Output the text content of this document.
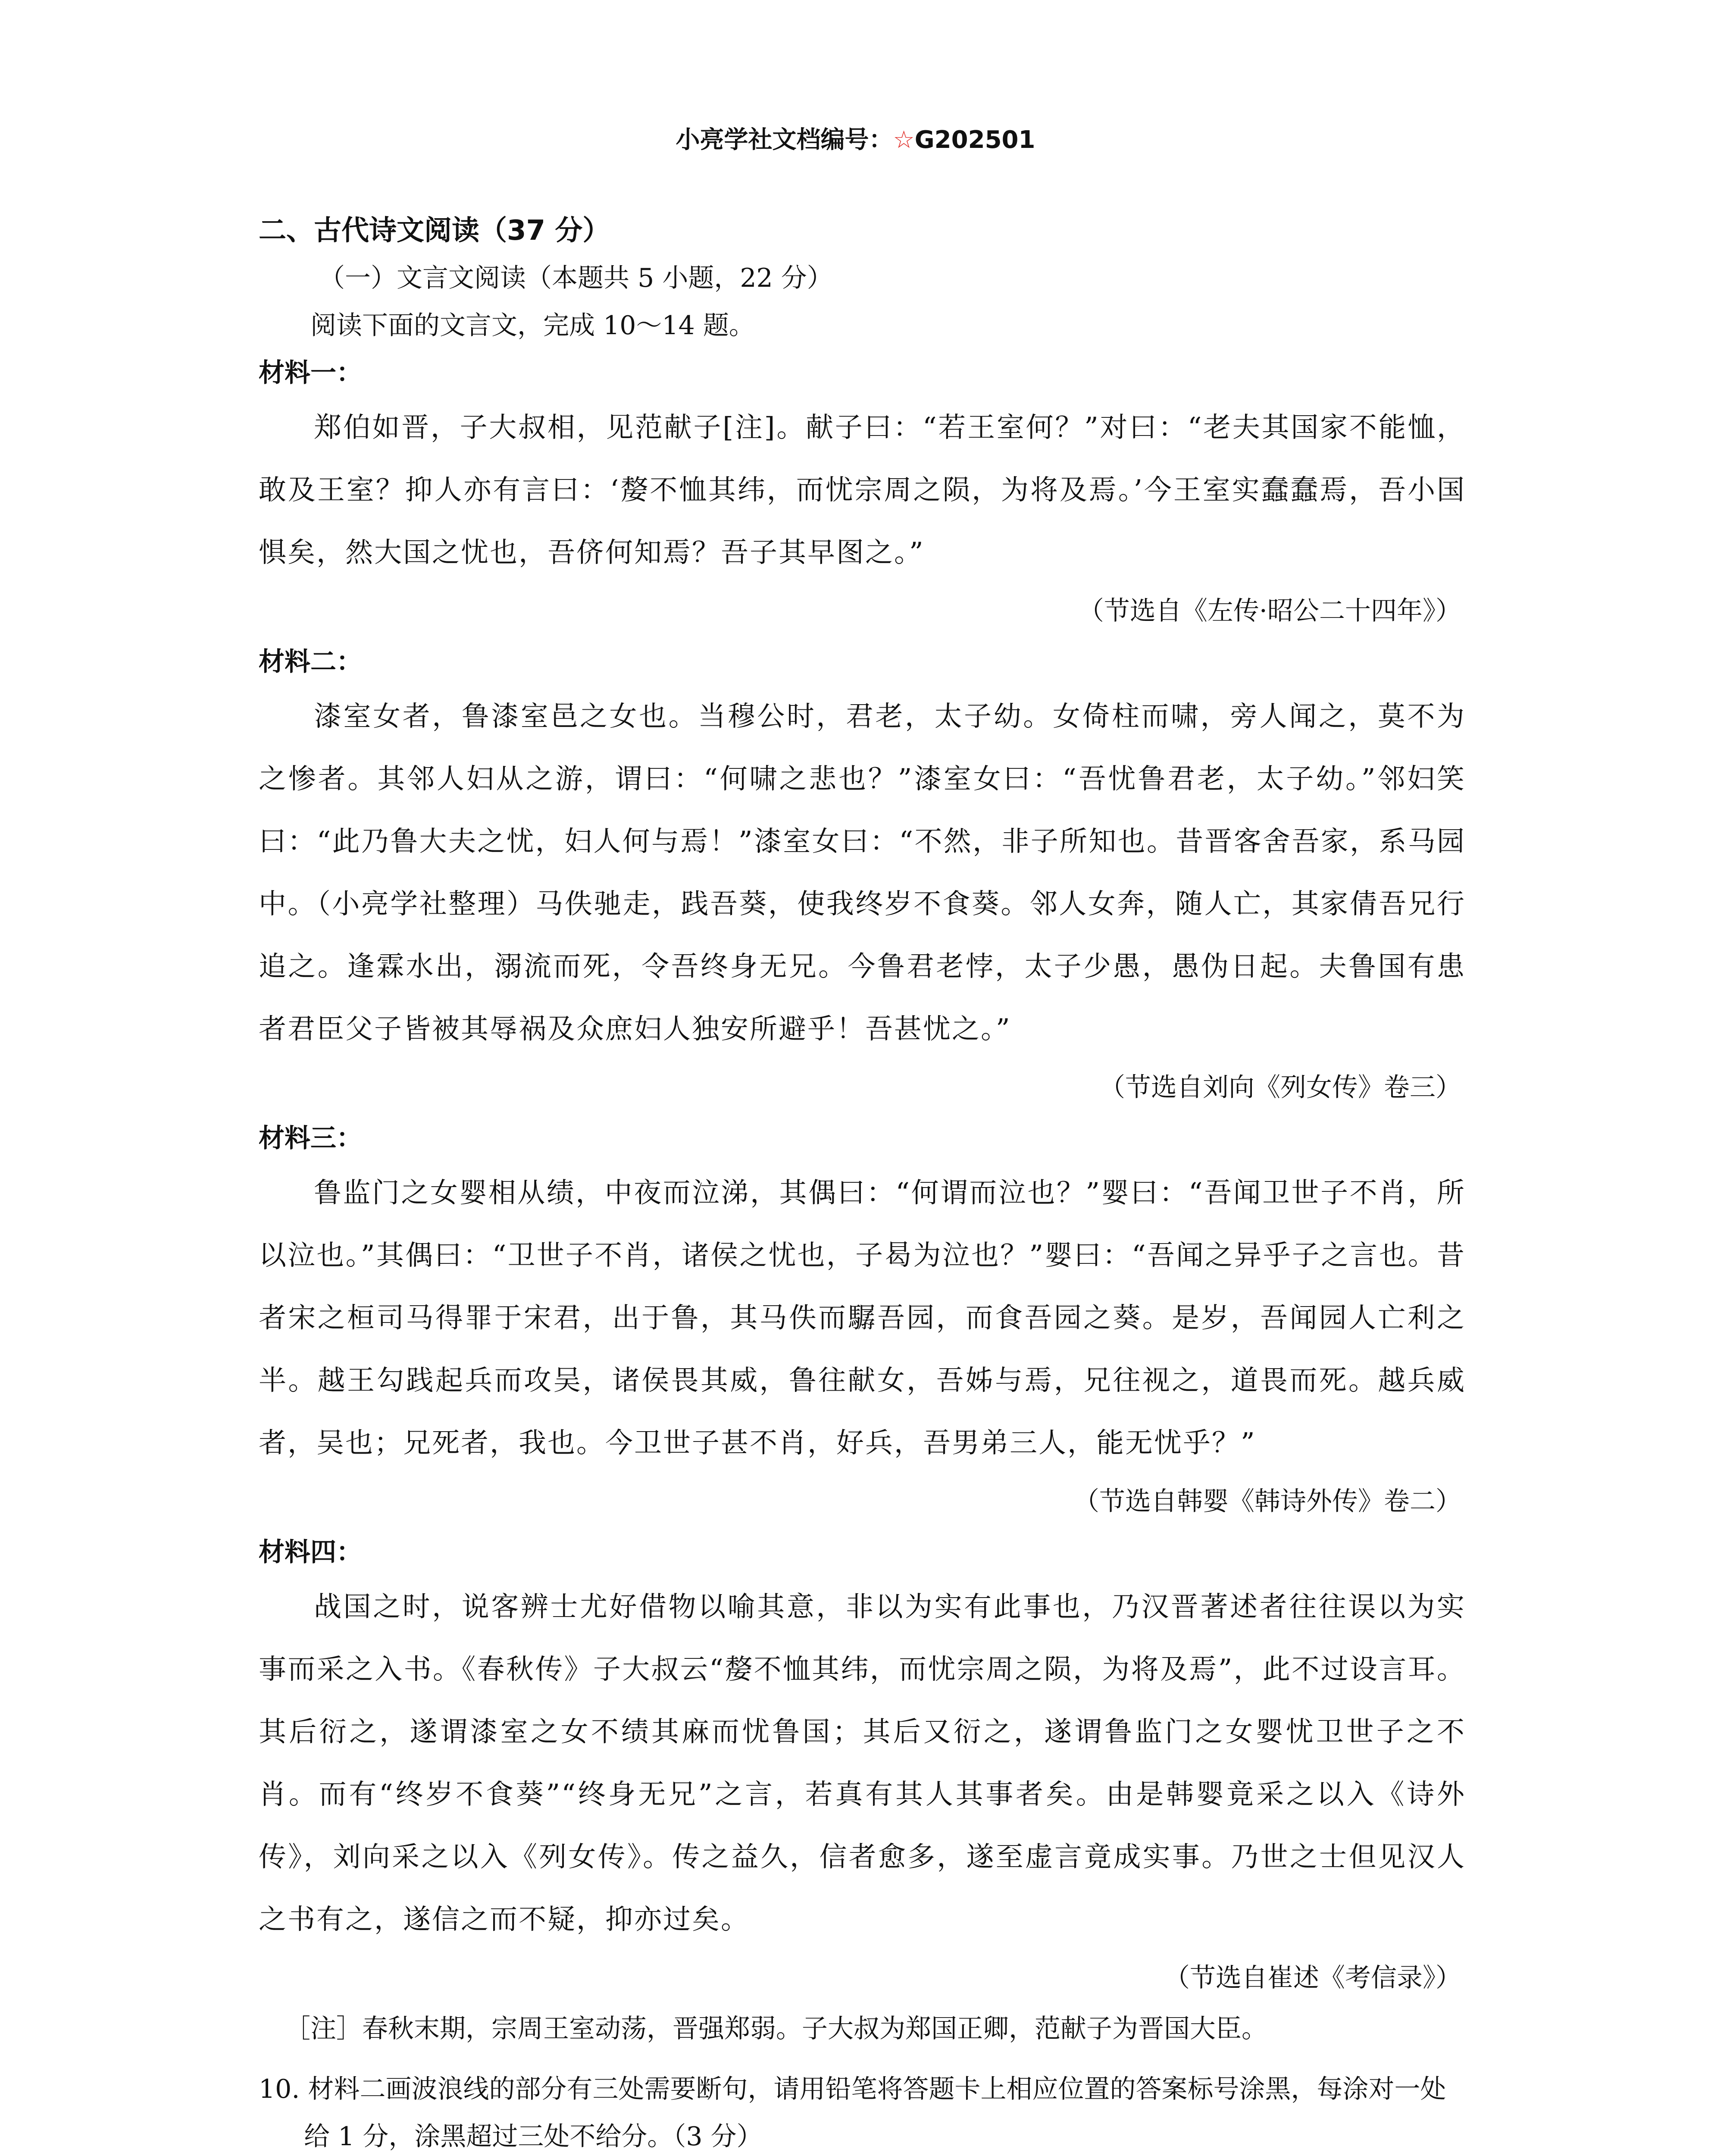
小亮学社文档编号：☆G202501
二、古代诗文阅读（37 分）
（一）文言文阅读（本题共 5 小题，22 分）
阅读下面的文言文，完成 10～14 题。
材料一：

郑伯如晋，子大叔相，见范献子[注]。献子曰：“若王室何？”对曰：“老夫其国家不能恤，敢及王室？抑人亦有言曰：‘嫠不恤其纬，而忧宗周之陨，为将及焉。’今王室实蠢蠢焉，吾小国惧矣，然大国之忧也，吾侪何知焉？吾子其早图之。”

（节选自《左传·昭公二十四年》）
材料二：

漆室女者，鲁漆室邑之女也。当穆公时，君老，太子幼。女倚柱而啸，旁人闻之，莫不为之惨者。其邻人妇从之游，谓曰：“何啸之悲也？”漆室女曰：“吾忧鲁君老，太子幼。”邻妇笑曰：“此乃鲁大夫之忧，妇人何与焉！”漆室女曰：“不然，非子所知也。昔晋客舍吾家，系马园中。（小亮学社整理）马佚驰走，践吾葵，使我终岁不食葵。邻人女奔，随人亡，其家倩吾兄行追之。逢霖水出，溺流而死，令吾终身无兄。今鲁君老悖，太子少愚，愚伪日起。夫鲁国有患者君臣父子皆被其辱祸及众庶妇人独安所避乎！吾甚忧之。”

（节选自刘向《列女传》卷三）
材料三：

鲁监门之女婴相从绩，中夜而泣涕，其偶曰：“何谓而泣也？”婴曰：“吾闻卫世子不肖，所以泣也。”其偶曰：“卫世子不肖，诸侯之忧也，子曷为泣也？”婴曰：“吾闻之异乎子之言也。昔者宋之桓司马得罪于宋君，出于鲁，其马佚而驏吾园，而食吾园之葵。是岁，吾闻园人亡利之半。越王勾践起兵而攻吴，诸侯畏其威，鲁往献女，吾姊与焉，兄往视之，道畏而死。越兵威者，吴也；兄死者，我也。今卫世子甚不肖，好兵，吾男弟三人，能无忧乎？”

（节选自韩婴《韩诗外传》卷二）
材料四：

战国之时，说客辨士尤好借物以喻其意，非以为实有此事也，乃汉晋著述者往往误以为实事而采之入书。《春秋传》子大叔云“嫠不恤其纬，而忧宗周之陨，为将及焉”，此不过设言耳。其后衍之，遂谓漆室之女不绩其麻而忧鲁国；其后又衍之，遂谓鲁监门之女婴忧卫世子之不肖。而有“终岁不食葵”“终身无兄”之言，若真有其人其事者矣。由是韩婴竟采之以入《诗外传》，刘向采之以入《列女传》。传之益久，信者愈多，遂至虚言竟成实事。乃世之士但见汉人之书有之，遂信之而不疑，抑亦过矣。

（节选自崔述《考信录》）
［注］春秋末期，宗周王室动荡，晋强郑弱。子大叔为郑国正卿，范献子为晋国大臣。
10. 材料二画波浪线的部分有三处需要断句，请用铅笔将答题卡上相应位置的答案标号涂黑，每涂对一处给 1 分，涂黑超过三处不给分。（3 分）
